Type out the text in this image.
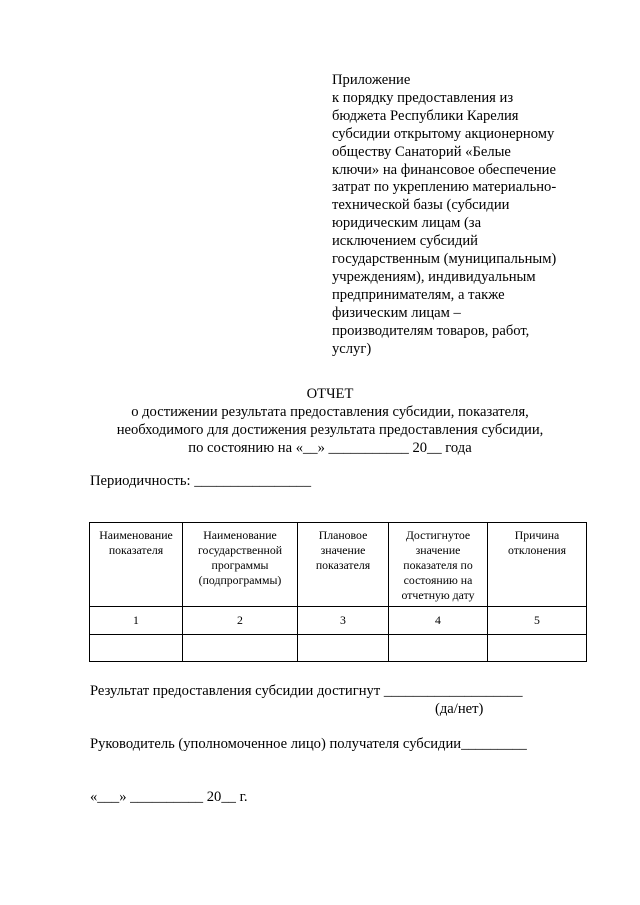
Приложение
к порядку предоставления из
бюджета Республики Карелия
субсидии открытому акционерному
обществу Санаторий «Белые
ключи» на финансовое обеспечение
затрат по укреплению материально-
технической базы (субсидии
юридическим лицам (за
исключением субсидий
государственным (муниципальным)
учреждениям), индивидуальным
предпринимателям, а также
физическим лицам –
производителям товаров, работ,
услуг)
ОТЧЕТ
о достижении результата предоставления субсидии, показателя,
необходимого для достижения результата предоставления субсидии,
по состоянию на «__» ___________ 20__ года
Периодичность: ________________
Наименование показателя	Наименование государственной программы (подпрограммы)	Плановое значение показателя	Достигнутое значение показателя по состоянию на отчетную дату	Причина отклонения
1	2	3	4	5

Результат предоставления субсидии достигнут ___________________
(да/нет)
Руководитель (уполномоченное лицо) получателя субсидии_________
«___» __________ 20__ г.
